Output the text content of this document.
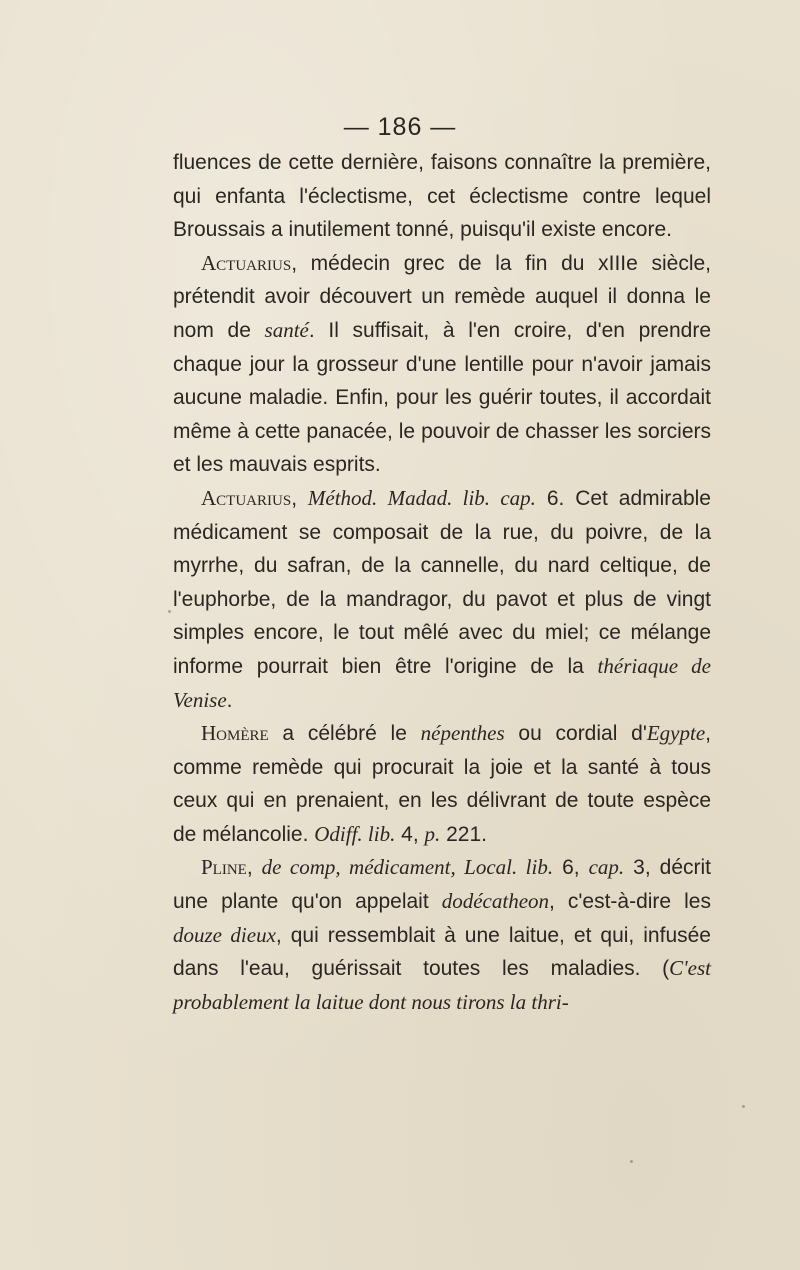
— 186 —

fluences de cette dernière, faisons connaître la première, qui enfanta l'éclectisme, cet éclectisme contre lequel Broussais a inutilement tonné, puisqu'il existe encore.

Actuarius, médecin grec de la fin du xIIIe siècle, prétendit avoir découvert un remède auquel il donna le nom de santé. Il suffisait, à l'en croire, d'en prendre chaque jour la grosseur d'une lentille pour n'avoir jamais aucune maladie. Enfin, pour les guérir toutes, il accordait même à cette panacée, le pouvoir de chasser les sorciers et les mauvais esprits.

Actuarius, Méthod. Madad. lib. cap. 6. Cet admirable médicament se composait de la rue, du poivre, de la myrrhe, du safran, de la cannelle, du nard celtique, de l'euphorbe, de la mandragor, du pavot et plus de vingt simples encore, le tout mêlé avec du miel; ce mélange informe pourrait bien être l'origine de la thériaque de Venise.

Homère a célébré le népenthes ou cordial d'Egypte, comme remède qui procurait la joie et la santé à tous ceux qui en prenaient, en les délivrant de toute espèce de mélancolie. Odiff. lib. 4, p. 221.

Pline, de comp, médicament, Local. lib. 6, cap. 3, décrit une plante qu'on appelait dodécatheon, c'est-à-dire les douze dieux, qui ressemblait à une laitue, et qui, infusée dans l'eau, guérissait toutes les maladies. (C'est probablement la laitue dont nous tirons la thri-
